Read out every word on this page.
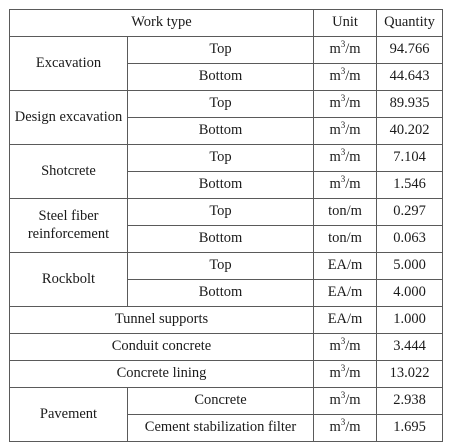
Work type		Unit	Quantity
Excavation	Top	$m^3/m$	94.766
	Bottom	$m^3/m$	44.643
Design excavation	Top	$m^3/m$	89.935
	Bottom	$m^3/m$	40.202
Shotcrete	Top	$m^3/m$	7.104
	Bottom	$m^3/m$	1.546
Steel fiber reinforcement	Top	ton/m	0.297
	Bottom	ton/m	0.063
Rockbolt	Top	EA/m	5.000
	Bottom	EA/m	4.000
Tunnel supports		EA/m	1.000
Conduit concrete		$m^3/m$	3.444
Concrete lining		$m^3/m$	13.022
Pavement	Concrete	$m^3/m$	2.938
	Cement stabilization filter	$m^3/m$	1.695
